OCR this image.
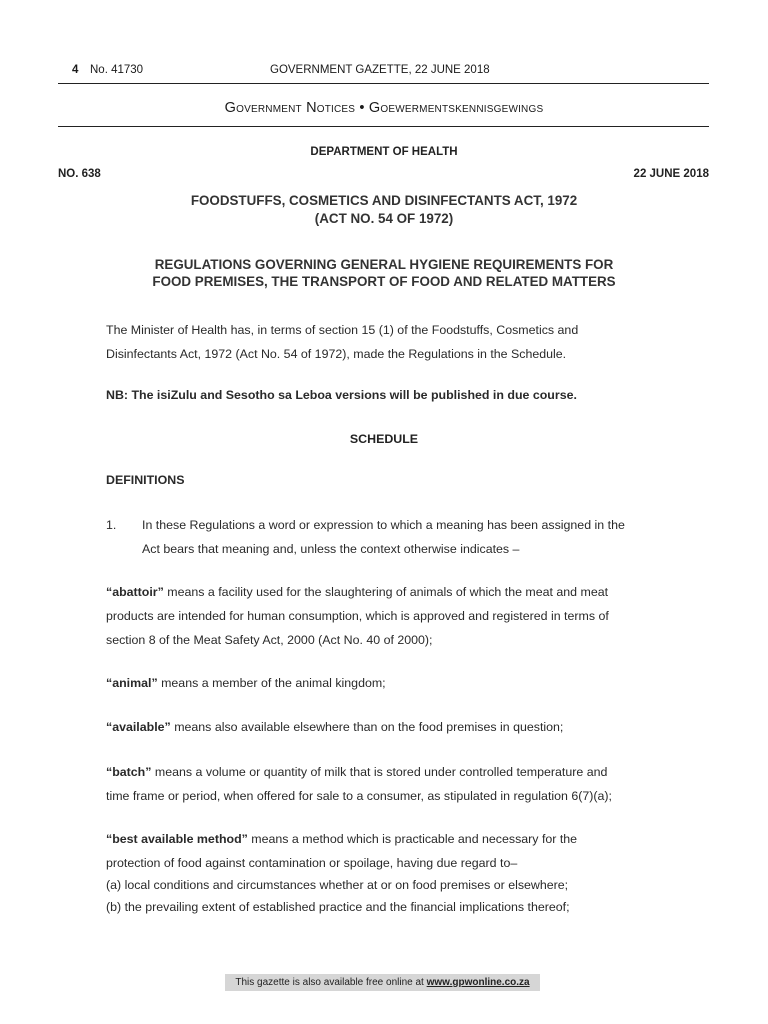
4 No. 41730	GOVERNMENT GAZETTE, 22 JUNE 2018
Government Notices • Goewermentskennisgewings
DEPARTMENT OF HEALTH
NO. 638	22 JUNE 2018
FOODSTUFFS, COSMETICS AND DISINFECTANTS ACT, 1972
(ACT NO. 54 OF 1972)
REGULATIONS GOVERNING GENERAL HYGIENE REQUIREMENTS FOR
FOOD PREMISES, THE TRANSPORT OF FOOD AND RELATED MATTERS
The Minister of Health has, in terms of section 15 (1) of the Foodstuffs, Cosmetics and
Disinfectants Act, 1972 (Act No. 54 of 1972), made the Regulations in the Schedule.
NB: The isiZulu and Sesotho sa Leboa versions will be published in due course.
SCHEDULE
DEFINITIONS
1. In these Regulations a word or expression to which a meaning has been assigned in the
Act bears that meaning and, unless the context otherwise indicates –
“abattoir” means a facility used for the slaughtering of animals of which the meat and meat
products are intended for human consumption, which is approved and registered in terms of
section 8 of the Meat Safety Act, 2000 (Act No. 40 of 2000);
“animal” means a member of the animal kingdom;
“available” means also available elsewhere than on the food premises in question;
“batch” means a volume or quantity of milk that is stored under controlled temperature and
time frame or period, when offered for sale to a consumer, as stipulated in regulation 6(7)(a);
“best available method” means a method which is practicable and necessary for the
protection of food against contamination or spoilage, having due regard to–
(a) local conditions and circumstances whether at or on food premises or elsewhere;
(b) the prevailing extent of established practice and the financial implications thereof;
This gazette is also available free online at www.gpwonline.co.za
